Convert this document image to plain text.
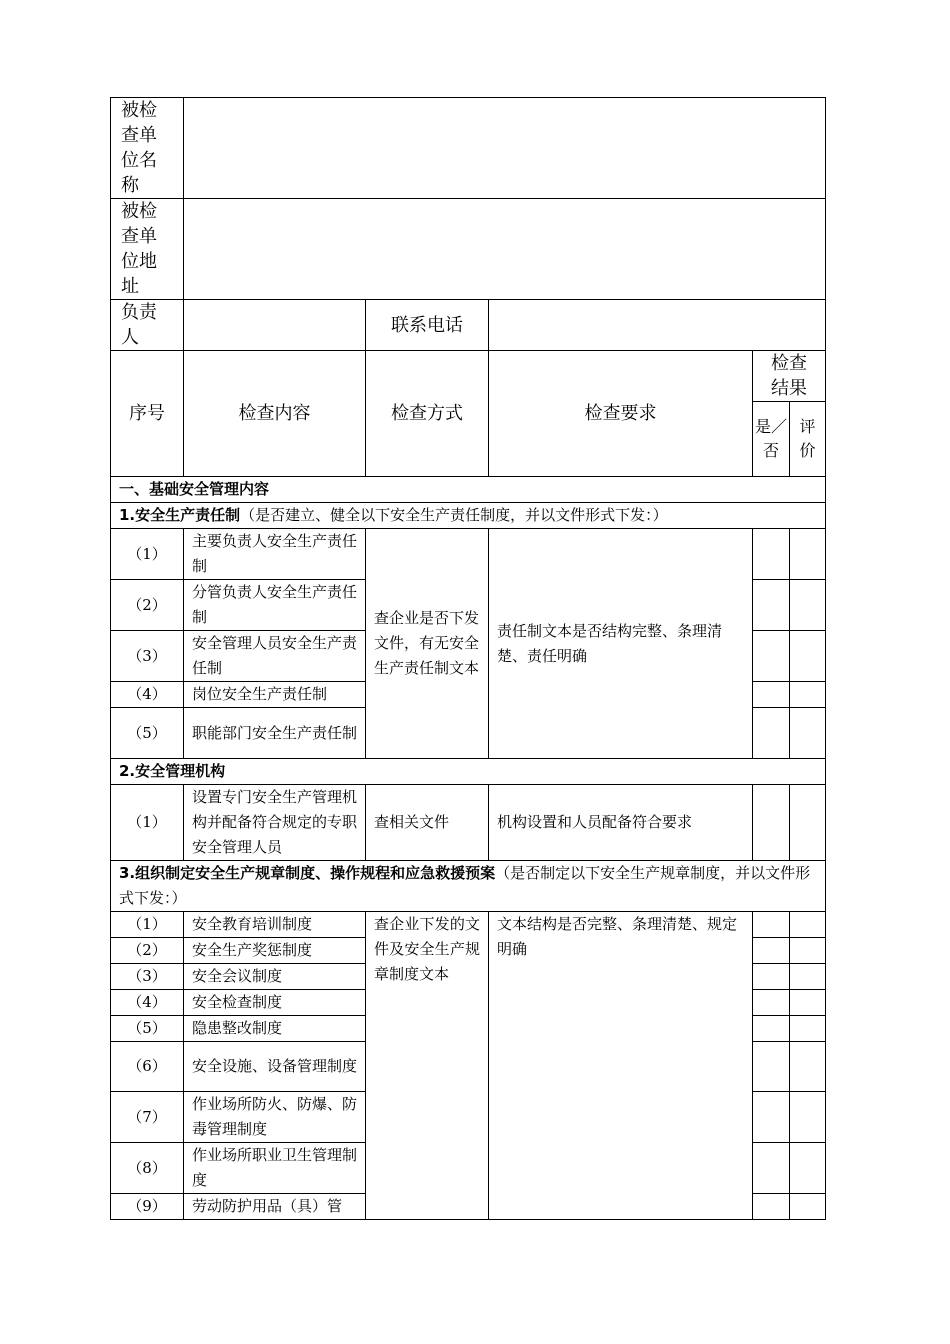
被检查单位名称					
被检查单位地址					
负责人		联系电话			
序号	检查内容	检查方式	检查要求	检查结果	
				是／否	评价
一、基础安全管理内容					
1.安全生产责任制（是否建立、健全以下安全生产责任制度，并以文件形式下发：）					
（1）	主要负责人安全生产责任制	查企业是否下发文件，有无安全生产责任制文本	责任制文本是否结构完整、条理清楚、责任明确		
（2）	分管负责人安全生产责任制				
（3）	安全管理人员安全生产责任制				
（4）	岗位安全生产责任制				
（5）	职能部门安全生产责任制				
2.安全管理机构					
（1）	设置专门安全生产管理机构并配备符合规定的专职安全管理人员	查相关文件	机构设置和人员配备符合要求		
3.组织制定安全生产规章制度、操作规程和应急救援预案（是否制定以下安全生产规章制度，并以文件形式下发：）					
（1）	安全教育培训制度	查企业下发的文件及安全生产规章制度文本	文本结构是否完整、条理清楚、规定明确		
（2）	安全生产奖惩制度				
（3）	安全会议制度				
（4）	安全检查制度				
（5）	隐患整改制度				
（6）	安全设施、设备管理制度				
（7）	作业场所防火、防爆、防毒管理制度				
（8）	作业场所职业卫生管理制度				
（9）	劳动防护用品（具）管				
